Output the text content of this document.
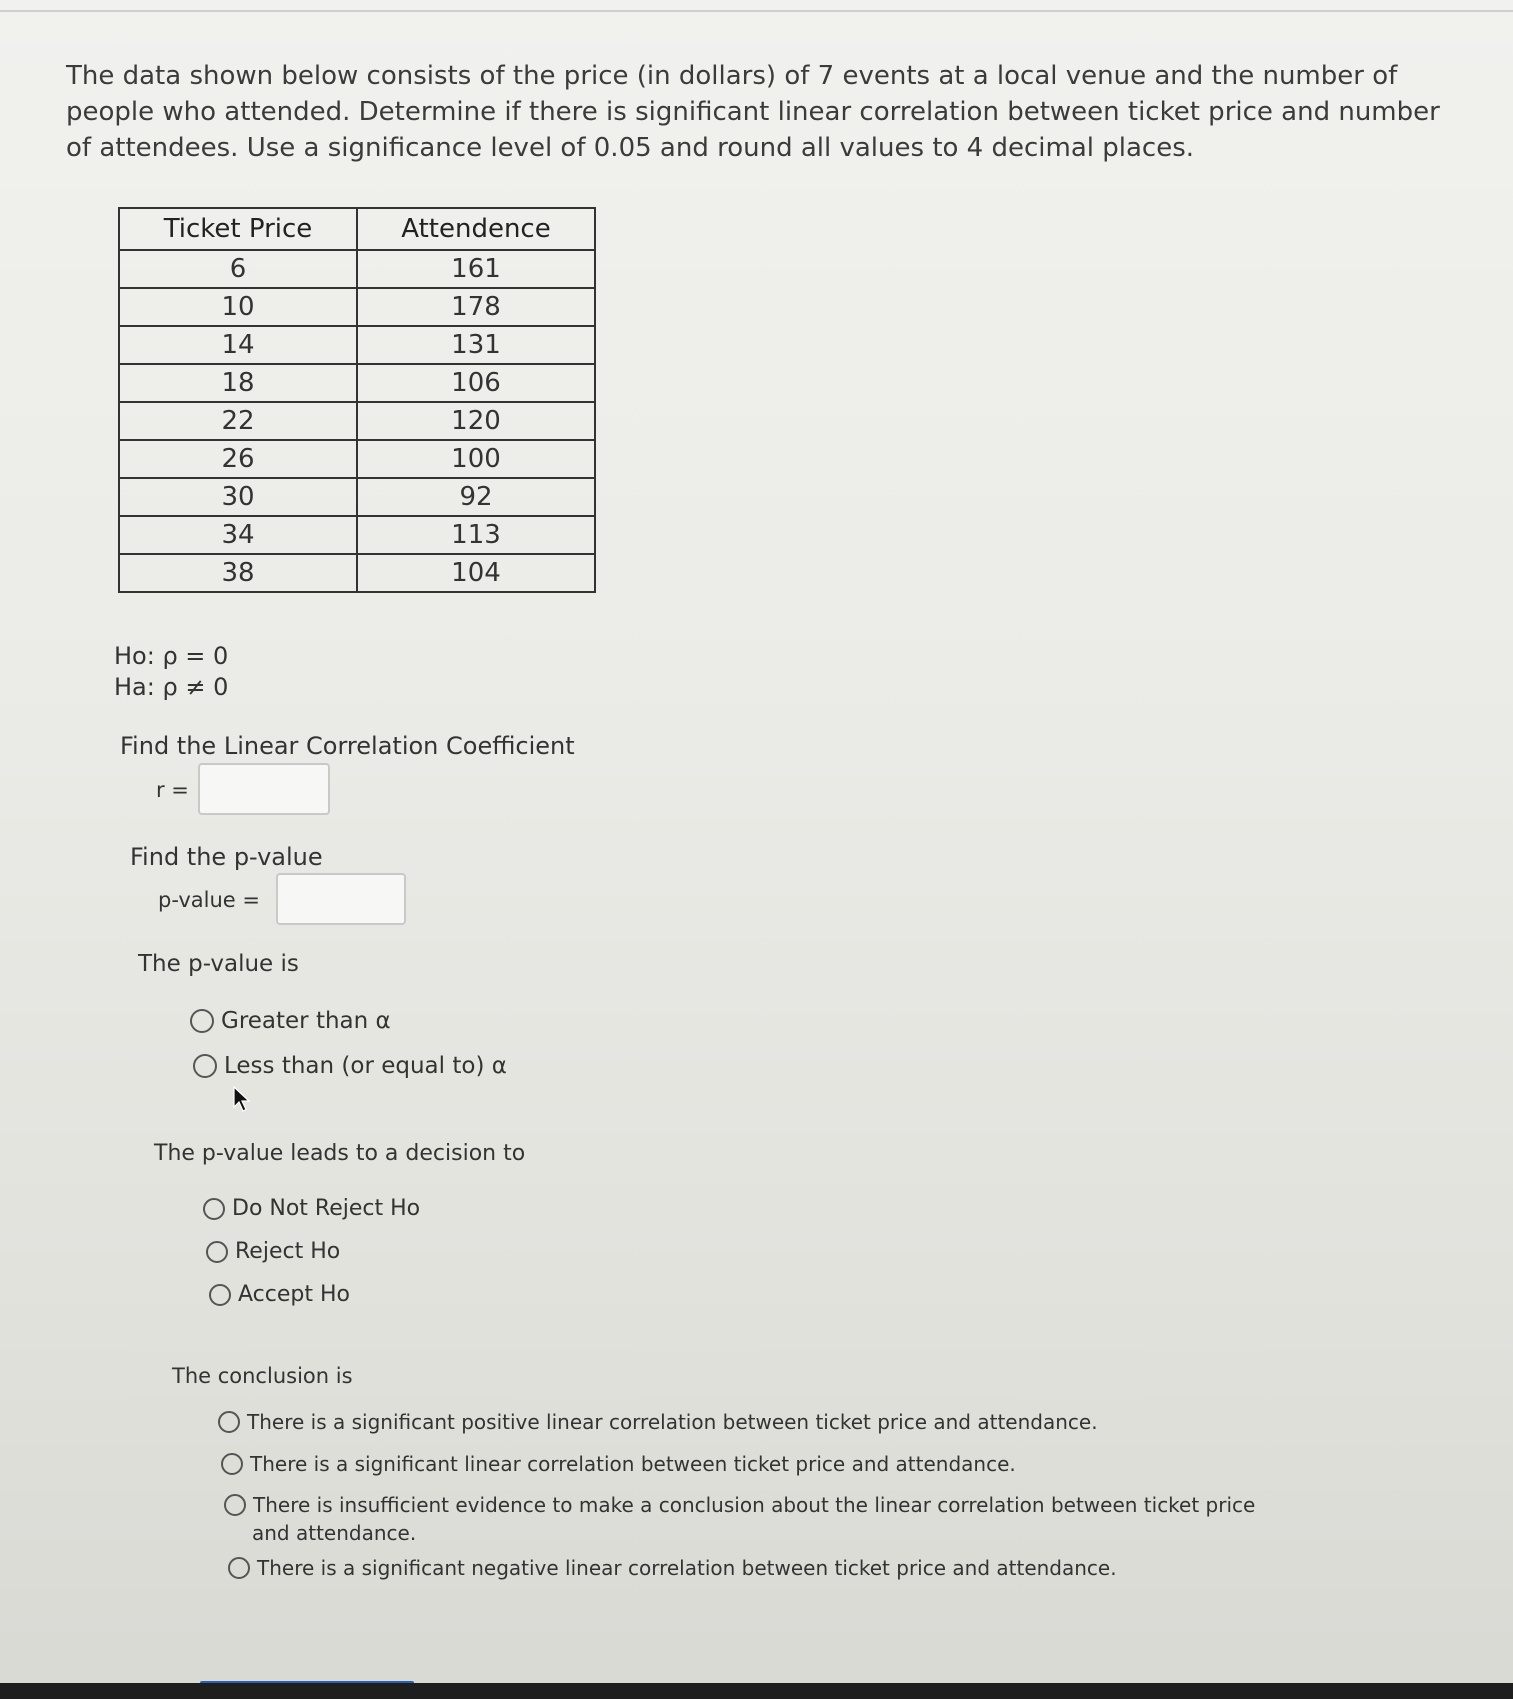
The data shown below consists of the price (in dollars) of 7 events at a local venue and the number of people who attended. Determine if there is significant linear correlation between ticket price and number of attendees. Use a significance level of 0.05 and round all values to 4 decimal places.
Ticket Price	Attendence
6	161
10	178
14	131
18	106
22	120
26	100
30	92
34	113
38	104
Ho: ρ = 0
Ha: ρ ≠ 0
Find the Linear Correlation Coefficient
r =
Find the p-value
p-value =
The p-value is
Greater than α
Less than (or equal to) α
The p-value leads to a decision to
Do Not Reject Ho
Reject Ho
Accept Ho
The conclusion is
There is a significant positive linear correlation between ticket price and attendance.
There is a significant linear correlation between ticket price and attendance.
There is insufficient evidence to make a conclusion about the linear correlation between ticket price
and attendance.
There is a significant negative linear correlation between ticket price and attendance.
